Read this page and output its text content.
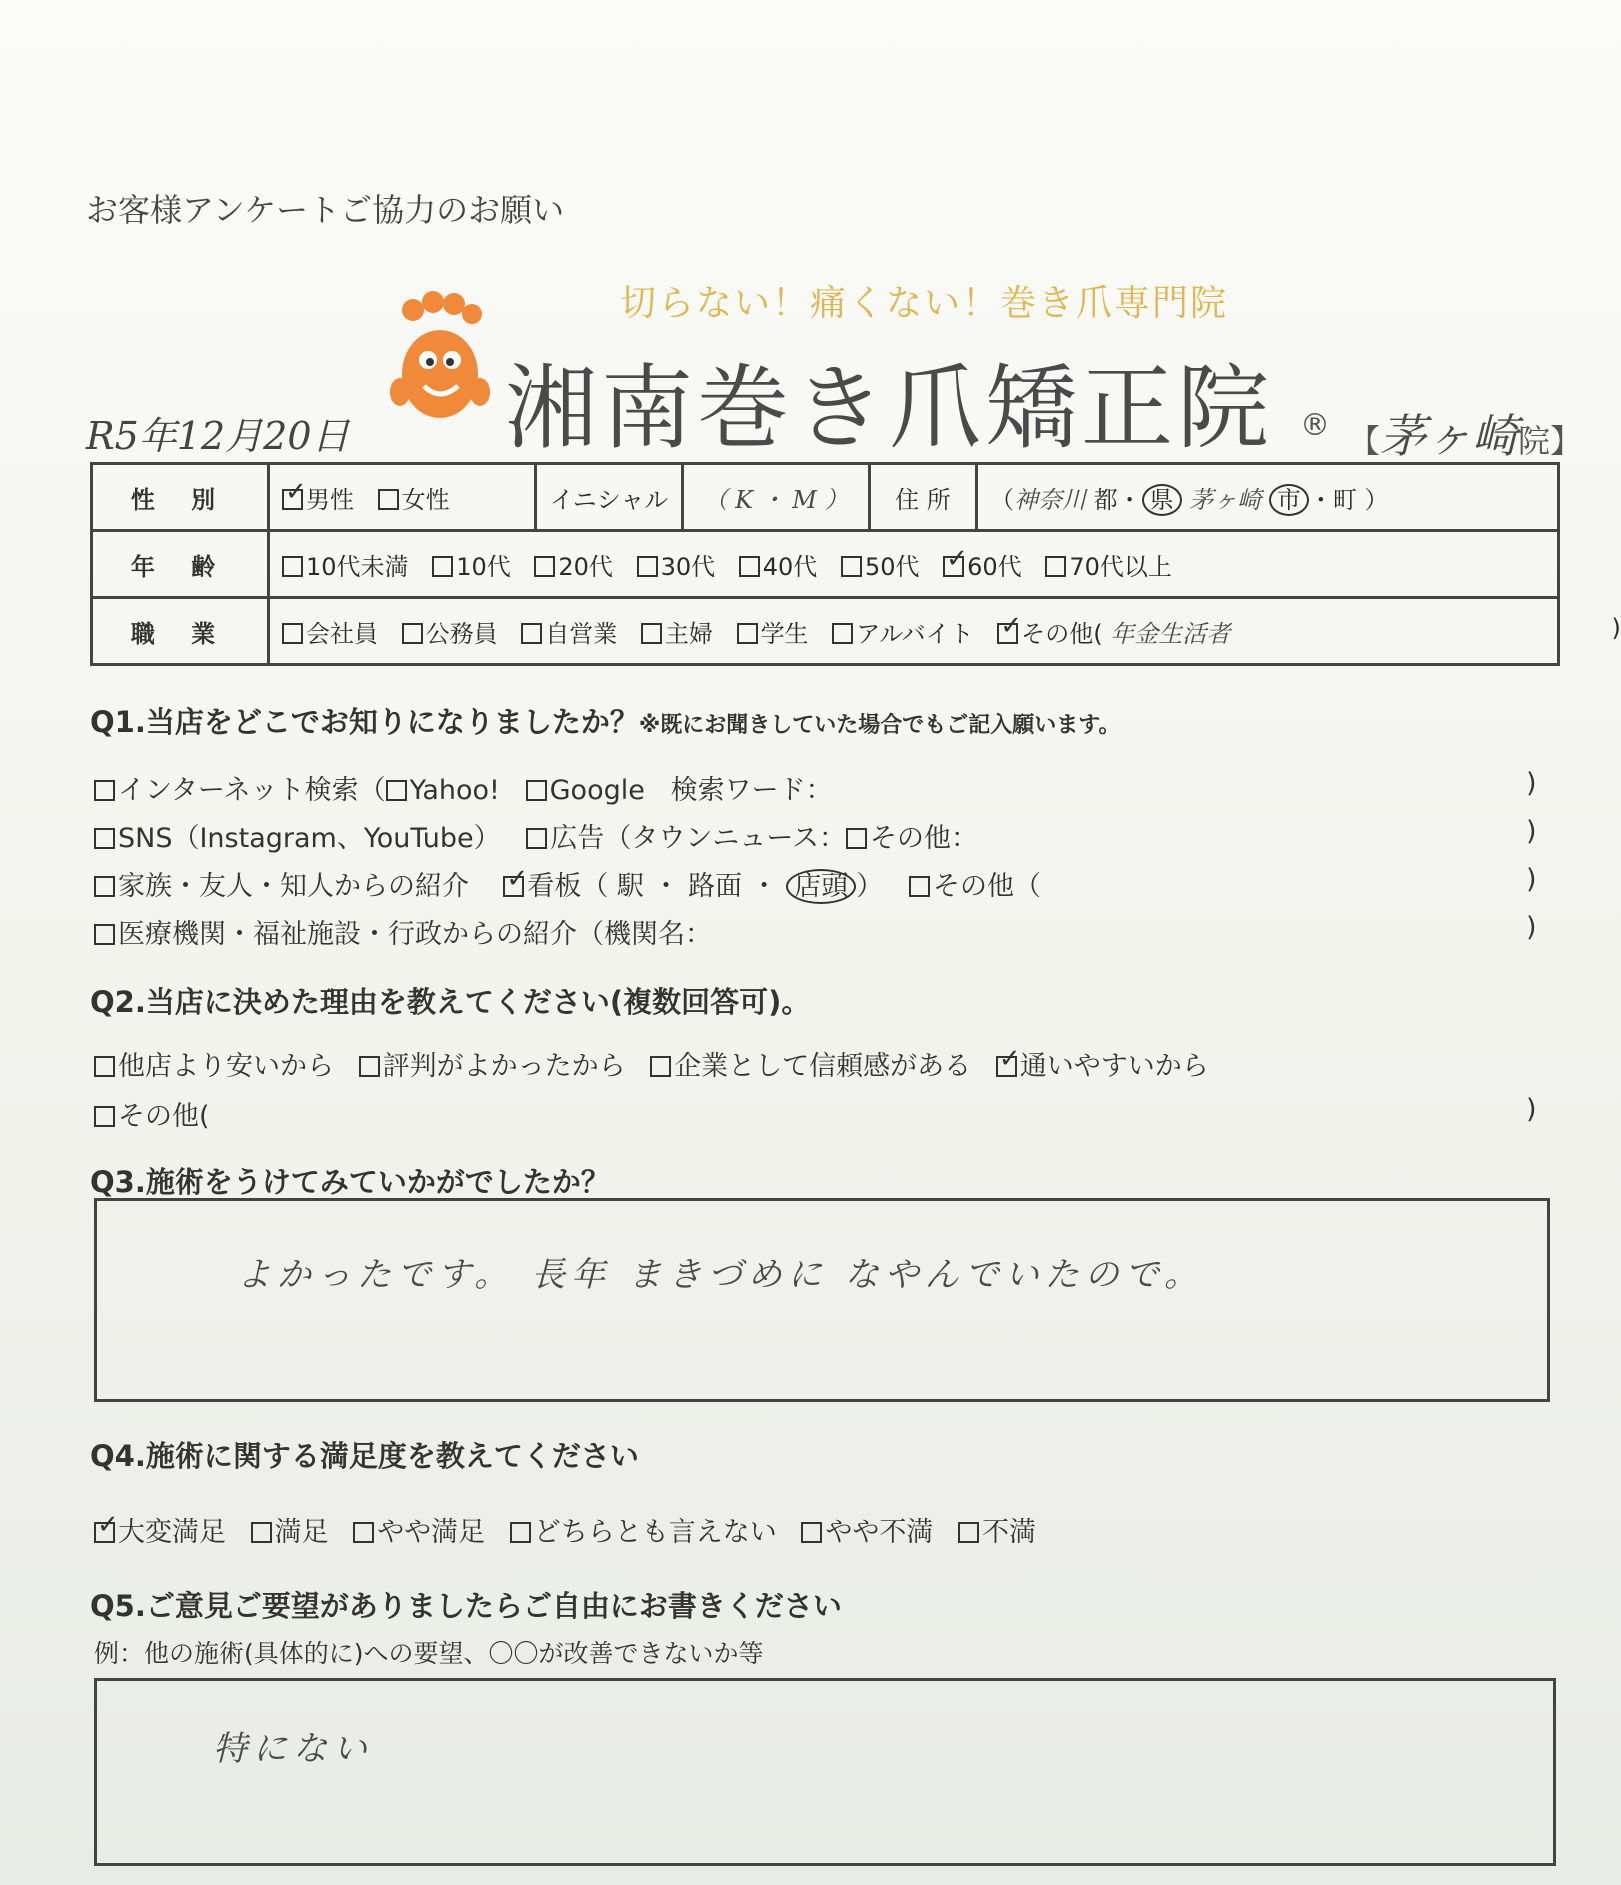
お客様アンケートご協力のお願い
切らない！痛くない！巻き爪専門院
湘南巻き爪矯正院 ® 【茅ヶ崎院】
R5年12月20日
性 別	✓男性 女性	イニシャル	（ K ・ M ）	住 所	（神奈川 都・ 県 茅ヶ崎 市 ・町 ）
年 齢	10代未満 10代 20代 30代 40代 50代 ✓ 60代 70代以上
職 業	会社員 公務員 自営業 主婦 学生 アルバイト ✓ その他( 年金生活者 )
Q1.当店をどこでお知りになりましたか？※既にお聞きしていた場合でもご記入願います。
インターネット検索（ Yahoo! Google 検索ワード：	)
SNS（Instagram、YouTube） 広告（タウンニュース： その他：	)
家族・友人・知人からの紹介 ✓ 看板（ 駅 ・ 路面 ・ 店頭 ） その他（	)
医療機関・福祉施設・行政からの紹介（機関名：	)
Q2.当店に決めた理由を教えてください(複数回答可)。
他店より安いから 評判がよかったから 企業として信頼感がある ✓ 通いやすいから
その他(	)
Q3.施術をうけてみていかがでしたか？
よかったです。 長年 まきづめに なやんでいたので。
Q4.施術に関する満足度を教えてください
✓大変満足 満足 やや満足 どちらとも言えない やや不満 不満
Q5.ご意見ご要望がありましたらご自由にお書きください
例：他の施術(具体的に)への要望、〇〇が改善できないか等
特にない
